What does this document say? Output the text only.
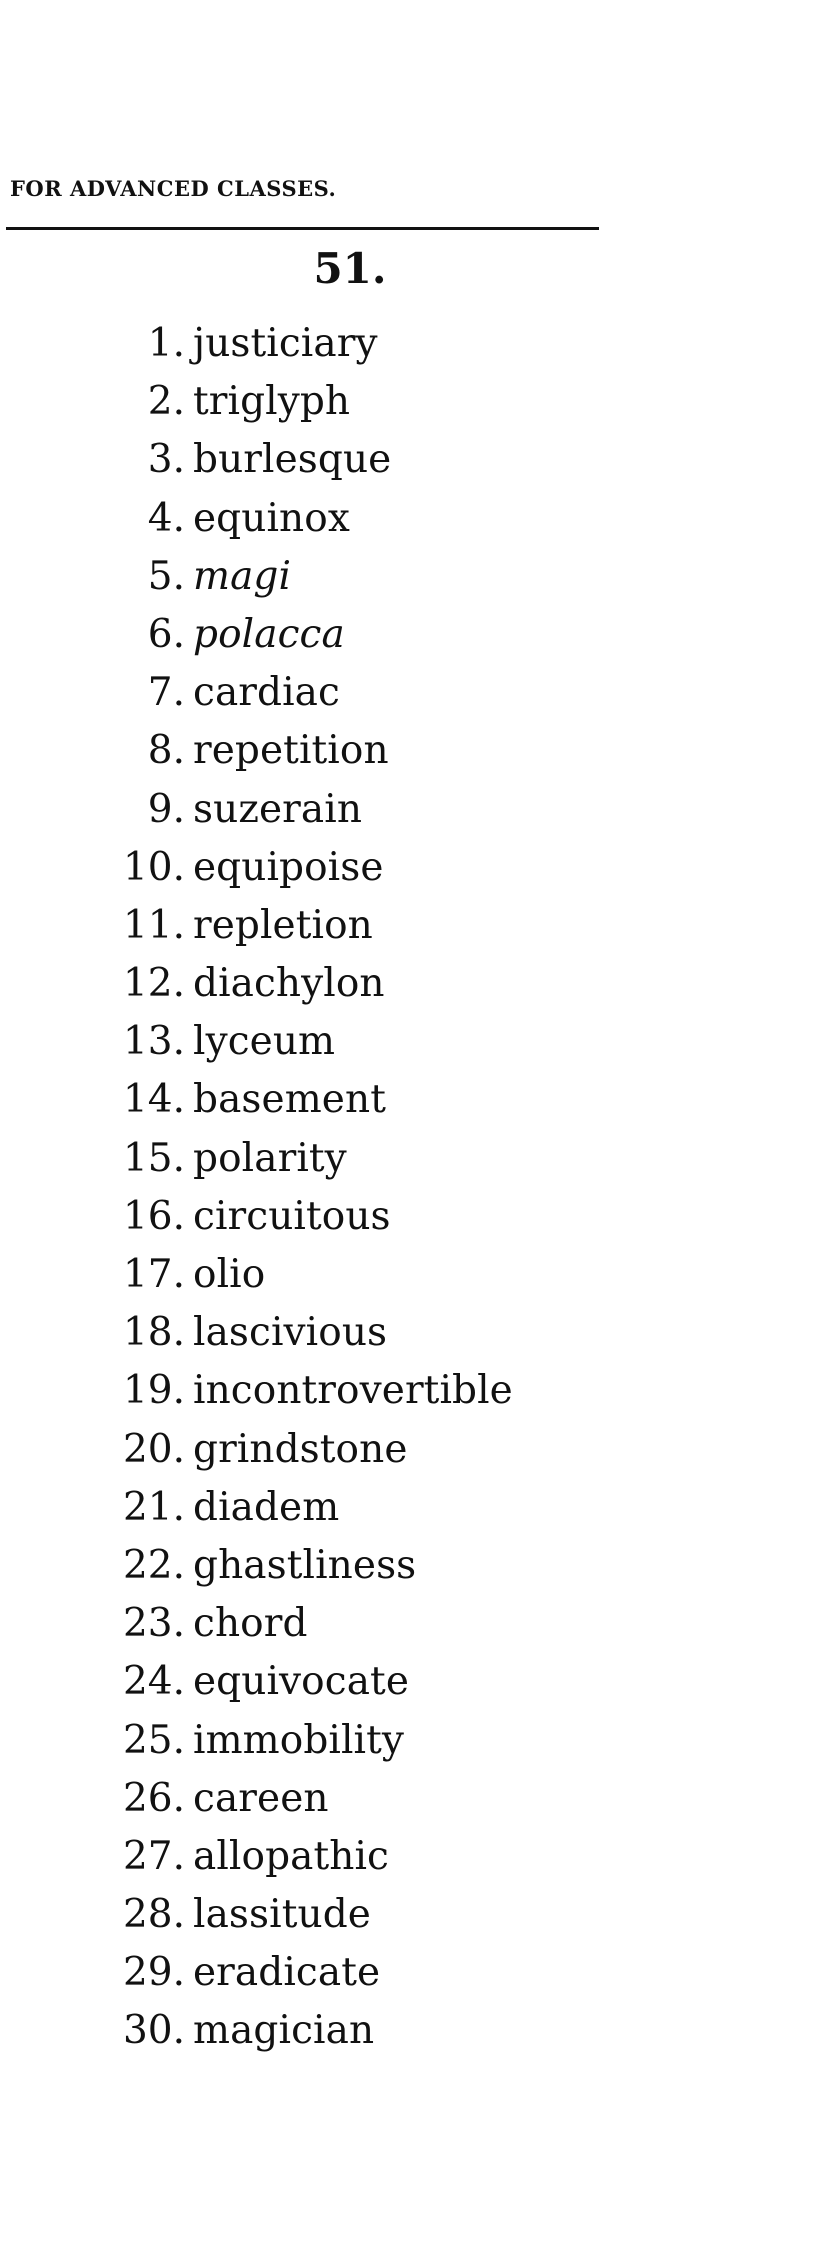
FOR ADVANCED CLASSES.
51.
1. justiciary
2. triglyph
3. burlesque
4. equinox
5. magi
6. polacca
7. cardiac
8. repetition
9. suzerain
10. equipoise
11. repletion
12. diachylon
13. lyceum
14. basement
15. polarity
16. circuitous
17. olio
18. lascivious
19. incontrovertible
20. grindstone
21. diadem
22. ghastliness
23. chord
24. equivocate
25. immobility
26. careen
27. allopathic
28. lassitude
29. eradicate
30. magician
